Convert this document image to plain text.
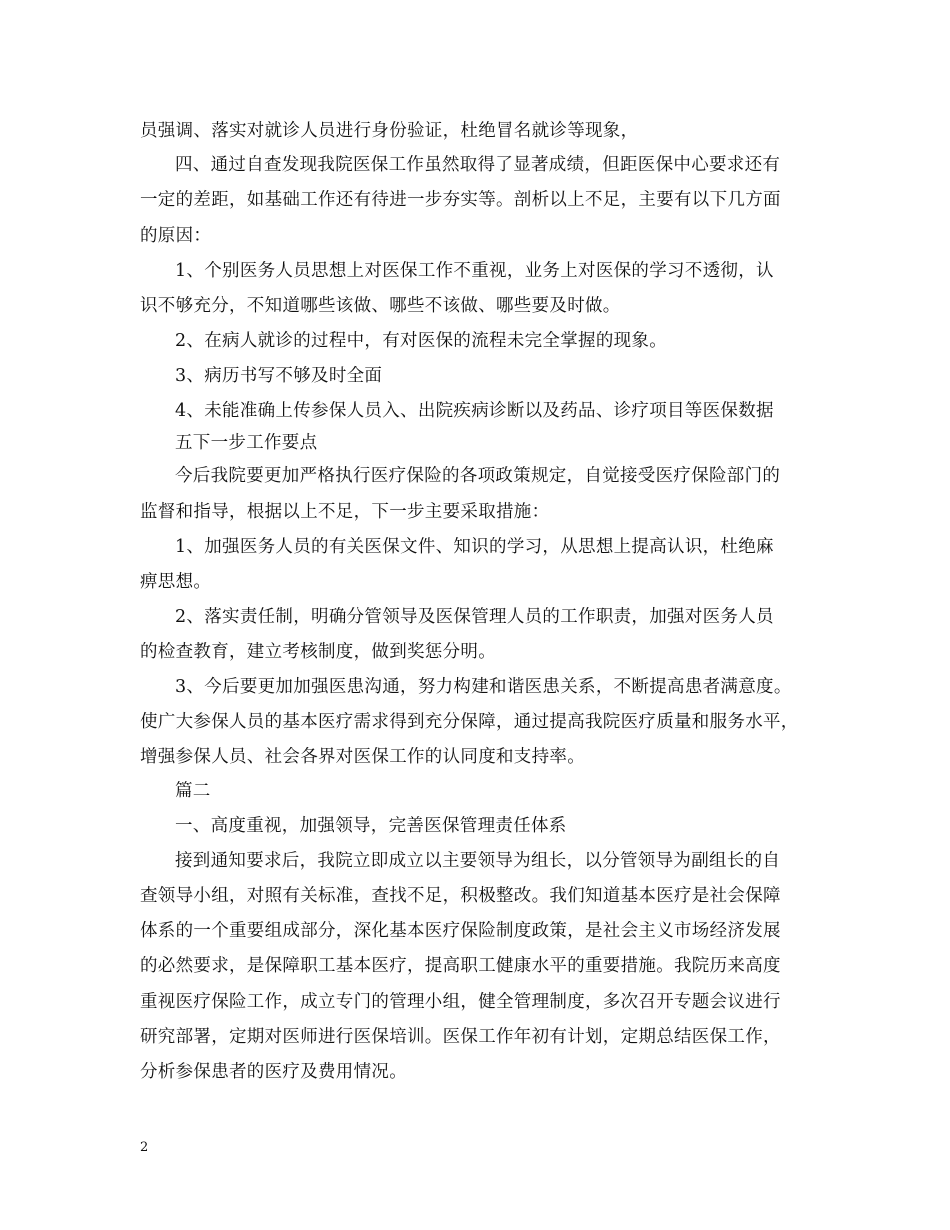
员强调、落实对就诊人员进行身份验证，杜绝冒名就诊等现象，
四、通过自查发现我院医保工作虽然取得了显著成绩，但距医保中心要求还有
一定的差距，如基础工作还有待进一步夯实等。剖析以上不足，主要有以下几方面
的原因：
1、个别医务人员思想上对医保工作不重视，业务上对医保的学习不透彻，认
识不够充分，不知道哪些该做、哪些不该做、哪些要及时做。
2、在病人就诊的过程中，有对医保的流程未完全掌握的现象。
3、病历书写不够及时全面
4、未能准确上传参保人员入、出院疾病诊断以及药品、诊疗项目等医保数据
五下一步工作要点
今后我院要更加严格执行医疗保险的各项政策规定，自觉接受医疗保险部门的
监督和指导，根据以上不足，下一步主要采取措施：
1、加强医务人员的有关医保文件、知识的学习，从思想上提高认识，杜绝麻
痹思想。
2、落实责任制，明确分管领导及医保管理人员的工作职责，加强对医务人员
的检查教育，建立考核制度，做到奖惩分明。
3、今后要更加加强医患沟通，努力构建和谐医患关系，不断提高患者满意度。
使广大参保人员的基本医疗需求得到充分保障，通过提高我院医疗质量和服务水平，
增强参保人员、社会各界对医保工作的认同度和支持率。
篇二
一、高度重视，加强领导，完善医保管理责任体系
接到通知要求后，我院立即成立以主要领导为组长，以分管领导为副组长的自
查领导小组，对照有关标准，查找不足，积极整改。我们知道基本医疗是社会保障
体系的一个重要组成部分，深化基本医疗保险制度政策，是社会主义市场经济发展
的必然要求，是保障职工基本医疗，提高职工健康水平的重要措施。我院历来高度
重视医疗保险工作，成立专门的管理小组，健全管理制度，多次召开专题会议进行
研究部署，定期对医师进行医保培训。医保工作年初有计划，定期总结医保工作，
分析参保患者的医疗及费用情况。
2
